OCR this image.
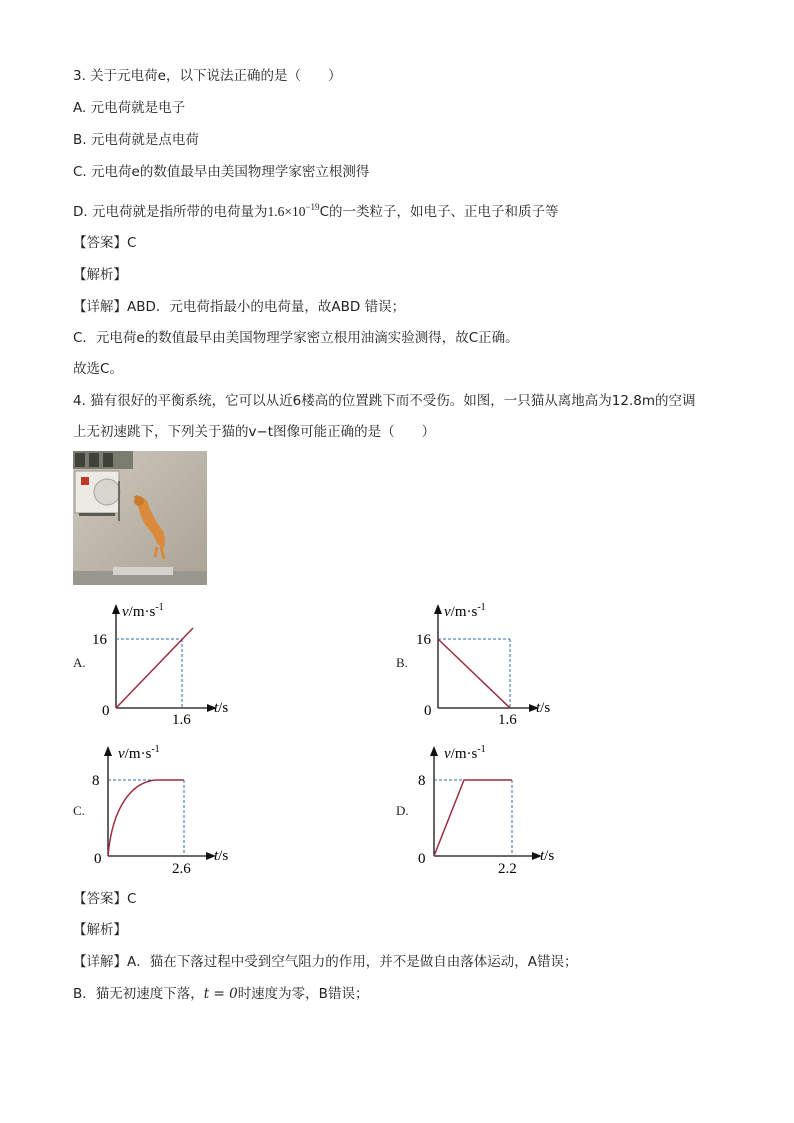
3. 关于元电荷e，以下说法正确的是（　　）
A. 元电荷就是电子
B. 元电荷就是点电荷
C. 元电荷e的数值最早由美国物理学家密立根测得
D. 元电荷就是指所带的电荷量为$1.6\times 10^{-19}C$的一类粒子，如电子、正电子和质子等
【答案】C
【解析】
【详解】ABD．元电荷指最小的电荷量，故ABD 错误；
C．元电荷e的数值最早由美国物理学家密立根用油滴实验测得，故C正确。
故选C。
4. 猫有很好的平衡系统，它可以从近6楼高的位置跳下而不受伤。如图，一只猫从离地高为12.8m的空调
上无初速跳下，下列关于猫的v−t图像可能正确的是（　　）
A.
$v/m\cdot s^{-1}$
16
0
1.6
t/s
B.
$v/m\cdot s^{-1}$
16
0
1.6
t/s
C.
$v/m\cdot s^{-1}$
8
0
2.6
t/s
D.
$v/m\cdot s^{-1}$
8
0
2.2
t/s
【答案】C
【解析】
【详解】A．猫在下落过程中受到空气阻力的作用，并不是做自由落体运动，A错误；
B．猫无初速度下落，t = 0时速度为零，B错误；
